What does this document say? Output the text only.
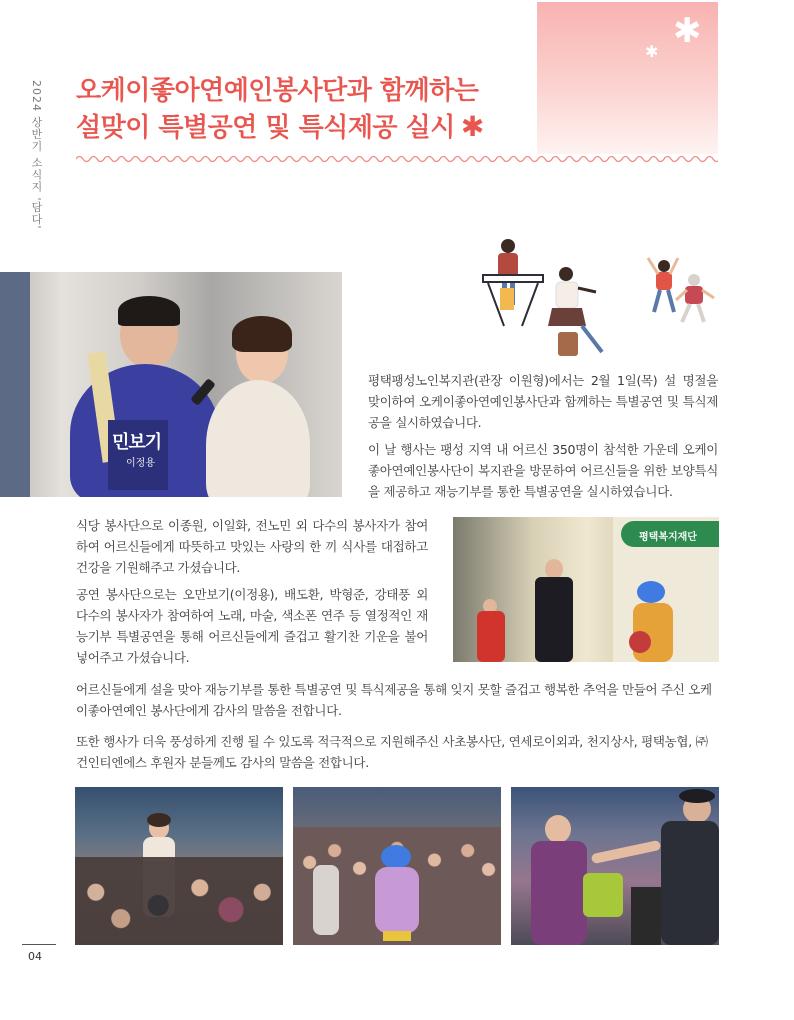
✱
✱
2024 상반기 소식지 '담다' 오케이좋아연예인봉사단과 함께하는
설맞이 특별공연 및 특식제공 실시 ✱
민보기
이정용
평택팽성노인복지관(관장 이원형)에서는 2월 1일(목) 설 명절을 맞이하여 오케이좋아연예인봉사단과 함께하는 특별공연 및 특식제공을 실시하였습니다.
이 날 행사는 팽성 지역 내 어르신 350명이 참석한 가운데 오케이좋아연예인봉사단이 복지관을 방문하여 어르신들을 위한 보양특식을 제공하고 재능기부를 통한 특별공연을 실시하였습니다.
식당 봉사단으로 이종원, 이일화, 전노민 외 다수의 봉사자가 참여하여 어르신들에게 따뜻하고 맛있는 사랑의 한 끼 식사를 대접하고 건강을 기원해주고 가셨습니다.
공연 봉사단으로는 오만보기(이정용), 배도환, 박형준, 강태풍 외 다수의 봉사자가 참여하여 노래, 마술, 색소폰 연주 등 열정적인 재능기부 특별공연을 통해 어르신들에게 즐겁고 활기찬 기운을 불어넣어주고 가셨습니다.
평택복지재단
어르신들에게 설을 맞아 재능기부를 통한 특별공연 및 특식제공을 통해 잊지 못할 즐겁고 행복한 추억을 만들어 주신 오케이좋아연예인 봉사단에게 감사의 말씀을 전합니다.
또한 행사가 더욱 풍성하게 진행 될 수 있도록 적극적으로 지원해주신 사초봉사단, 연세로이외과, 천지상사, 평택농협, ㈜건인티엔에스 후원자 분들께도 감사의 말씀을 전합니다.
04
